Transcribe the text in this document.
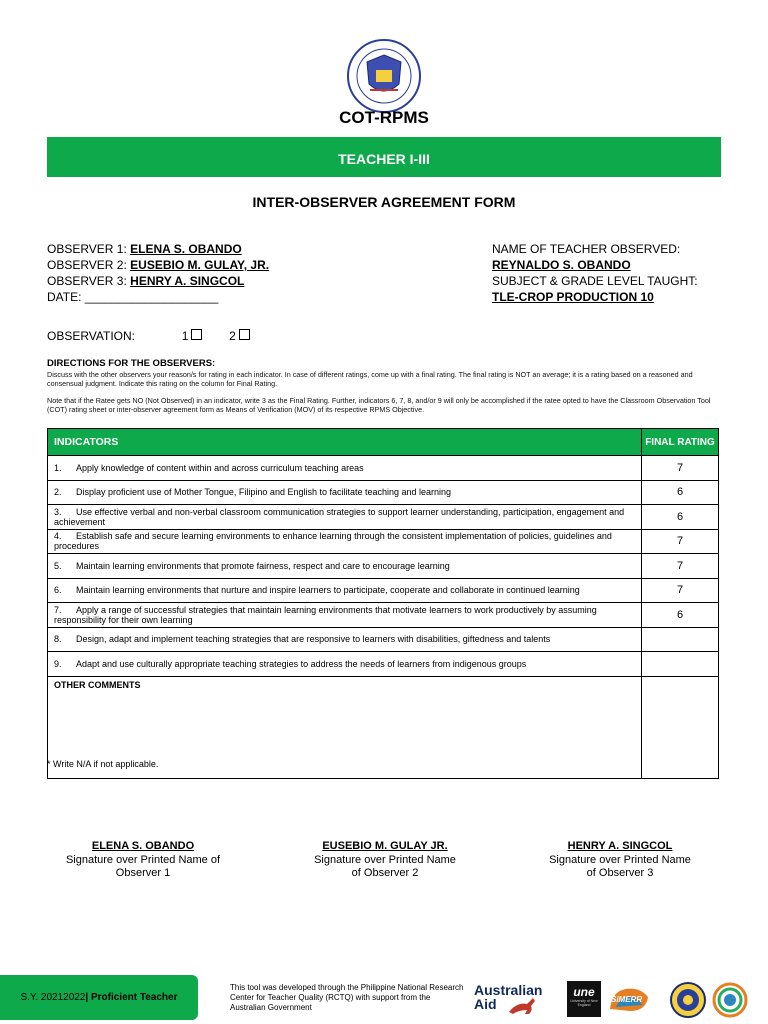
COT-RPMS
TEACHER I-III
INTER-OBSERVER AGREEMENT FORM
OBSERVER 1: ELENA S. OBANDO
OBSERVER 2: EUSEBIO M. GULAY, JR.
OBSERVER 3: HENRY A. SINGCOL
DATE: ____________________
NAME OF TEACHER OBSERVED:
REYNALDO S. OBANDO
SUBJECT & GRADE LEVEL TAUGHT:
TLE-CROP PRODUCTION 10
OBSERVATION:	1	2
DIRECTIONS FOR THE OBSERVERS:
Discuss with the other observers your reason/s for rating in each indicator. In case of different ratings, come up with a final rating. The final rating is NOT an average; it is a rating based on a reasoned and consensual judgment. Indicate this rating on the column for Final Rating.
Note that if the Ratee gets NO (Not Observed) in an indicator, write 3 as the Final Rating. Further, indicators 6, 7, 8, and/or 9 will only be accomplished if the ratee opted to have the Classroom Observation Tool (COT) rating sheet or inter-observer agreement form as Means of Verification (MOV) of its respective RPMS Objective.
INDICATORS	FINAL RATING
1. Apply knowledge of content within and across curriculum teaching areas	7
2. Display proficient use of Mother Tongue, Filipino and English to facilitate teaching and learning	6
3. Use effective verbal and non-verbal classroom communication strategies to support learner understanding, participation, engagement and achievement	6
4. Establish safe and secure learning environments to enhance learning through the consistent implementation of policies, guidelines and procedures	7
5. Maintain learning environments that promote fairness, respect and care to encourage learning	7
6. Maintain learning environments that nurture and inspire learners to participate, cooperate and collaborate in continued learning	7
7. Apply a range of successful strategies that maintain learning environments that motivate learners to work productively by assuming responsibility for their own learning	6
8. Design, adapt and implement teaching strategies that are responsive to learners with disabilities, giftedness and talents	
9. Adapt and use culturally appropriate teaching strategies to address the needs of learners from indigenous groups	
OTHER COMMENTS	
* Write N/A if not applicable.
ELENA S. OBANDO
Signature over Printed Name of
Observer 1
EUSEBIO M. GULAY JR.
Signature over Printed Name
of Observer 2
HENRY A. SINGCOL
Signature over Printed Name
of Observer 3
S.Y. 20212022| Proficient Teacher
This tool was developed through the Philippine National Research Center for Teacher Quality (RCTQ) with support from the Australian Government
Australian
Aid
une
University of New England
SiMERR
